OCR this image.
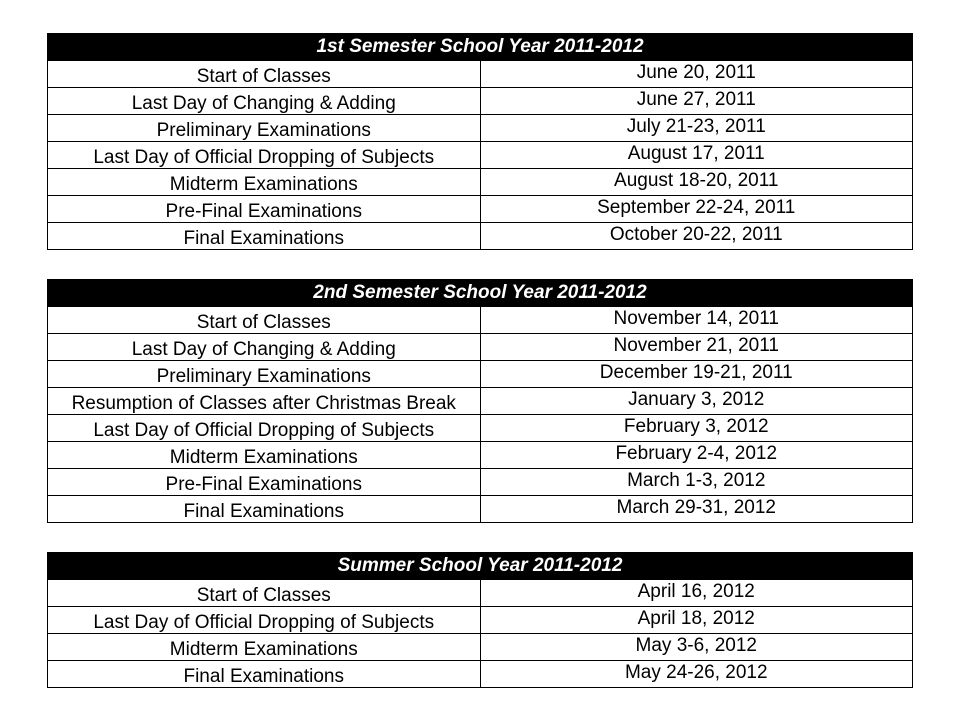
1st Semester School Year 2011-2012	
Start of Classes	June 20, 2011
Last Day of Changing & Adding	June 27, 2011
Preliminary Examinations	July 21-23, 2011
Last Day of Official Dropping of Subjects	August 17, 2011
Midterm Examinations	August 18-20, 2011
Pre-Final Examinations	September 22-24, 2011
Final Examinations	October 20-22, 2011
2nd Semester School Year 2011-2012	
Start of Classes	November 14, 2011
Last Day of Changing & Adding	November 21, 2011
Preliminary Examinations	December 19-21, 2011
Resumption of Classes after Christmas Break	January 3, 2012
Last Day of Official Dropping of Subjects	February 3, 2012
Midterm Examinations	February 2-4, 2012
Pre-Final Examinations	March 1-3, 2012
Final Examinations	March 29-31, 2012
Summer School Year 2011-2012	
Start of Classes	April 16, 2012
Last Day of Official Dropping of Subjects	April 18, 2012
Midterm Examinations	May 3-6, 2012
Final Examinations	May 24-26, 2012
